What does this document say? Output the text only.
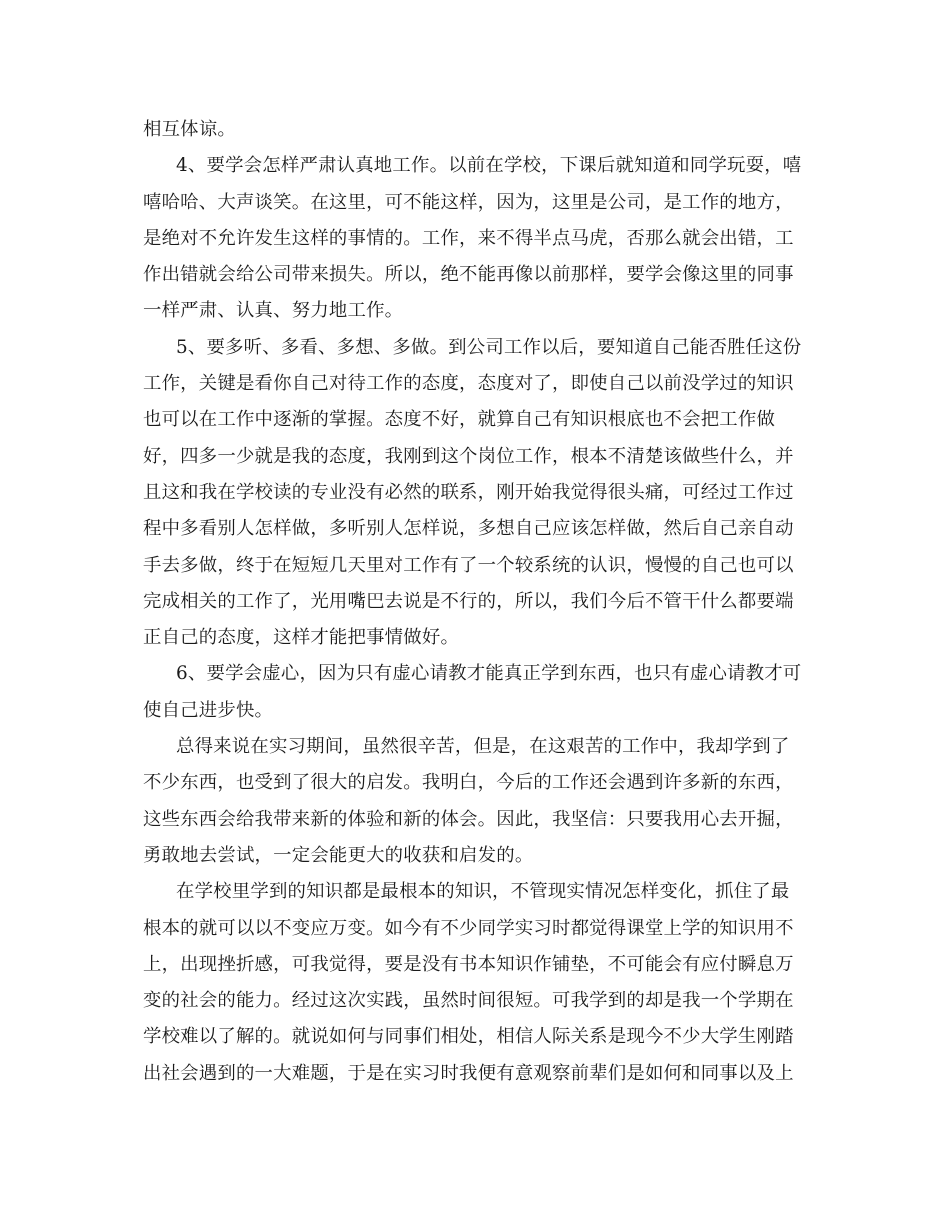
相互体谅。
4、要学会怎样严肃认真地工作。以前在学校，下课后就知道和同学玩耍，嘻
嘻哈哈、大声谈笑。在这里，可不能这样，因为，这里是公司，是工作的地方，
是绝对不允许发生这样的事情的。工作，来不得半点马虎，否那么就会出错，工
作出错就会给公司带来损失。所以，绝不能再像以前那样，要学会像这里的同事
一样严肃、认真、努力地工作。
5、要多听、多看、多想、多做。到公司工作以后，要知道自己能否胜任这份
工作，关键是看你自己对待工作的态度，态度对了，即使自己以前没学过的知识
也可以在工作中逐渐的掌握。态度不好，就算自己有知识根底也不会把工作做
好，四多一少就是我的态度，我刚到这个岗位工作，根本不清楚该做些什么，并
且这和我在学校读的专业没有必然的联系，刚开始我觉得很头痛，可经过工作过
程中多看别人怎样做，多听别人怎样说，多想自己应该怎样做，然后自己亲自动
手去多做，终于在短短几天里对工作有了一个较系统的认识，慢慢的自己也可以
完成相关的工作了，光用嘴巴去说是不行的，所以，我们今后不管干什么都要端
正自己的态度，这样才能把事情做好。
6、要学会虚心，因为只有虚心请教才能真正学到东西，也只有虚心请教才可
使自己进步快。
总得来说在实习期间，虽然很辛苦，但是，在这艰苦的工作中，我却学到了
不少东西，也受到了很大的启发。我明白，今后的工作还会遇到许多新的东西，
这些东西会给我带来新的体验和新的体会。因此，我坚信：只要我用心去开掘，
勇敢地去尝试，一定会能更大的收获和启发的。
在学校里学到的知识都是最根本的知识，不管现实情况怎样变化，抓住了最
根本的就可以以不变应万变。如今有不少同学实习时都觉得课堂上学的知识用不
上，出现挫折感，可我觉得，要是没有书本知识作铺垫，不可能会有应付瞬息万
变的社会的能力。经过这次实践，虽然时间很短。可我学到的却是我一个学期在
学校难以了解的。就说如何与同事们相处，相信人际关系是现今不少大学生刚踏
出社会遇到的一大难题，于是在实习时我便有意观察前辈们是如何和同事以及上
